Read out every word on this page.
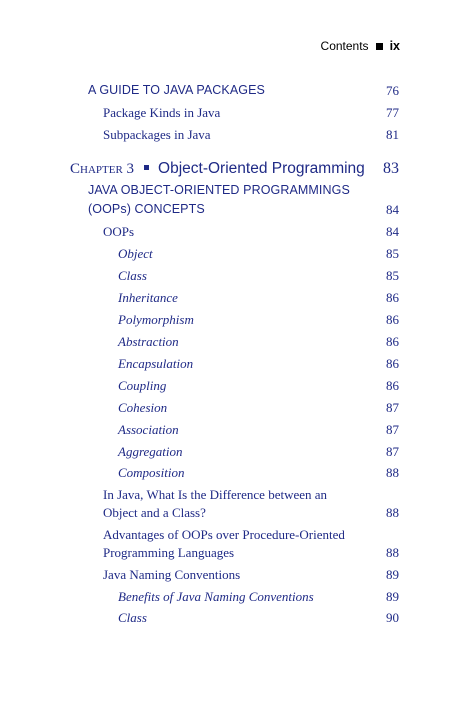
Contents ix
A GUIDE TO JAVA PACKAGES	76
Package Kinds in Java	77
Subpackages in Java	81
Chapter 3 Object-Oriented Programming 83
JAVA OBJECT-ORIENTED PROGRAMMINGS
(OOPs) CONCEPTS	84
OOPs	84
Object	85
Class	85
Inheritance	86
Polymorphism	86
Abstraction	86
Encapsulation	86
Coupling	86
Cohesion	87
Association	87
Aggregation	87
Composition	88
In Java, What Is the Difference between an
Object and a Class?	88
Advantages of OOPs over Procedure-Oriented
Programming Languages	88
Java Naming Conventions	89
Benefits of Java Naming Conventions	89
Class	90
